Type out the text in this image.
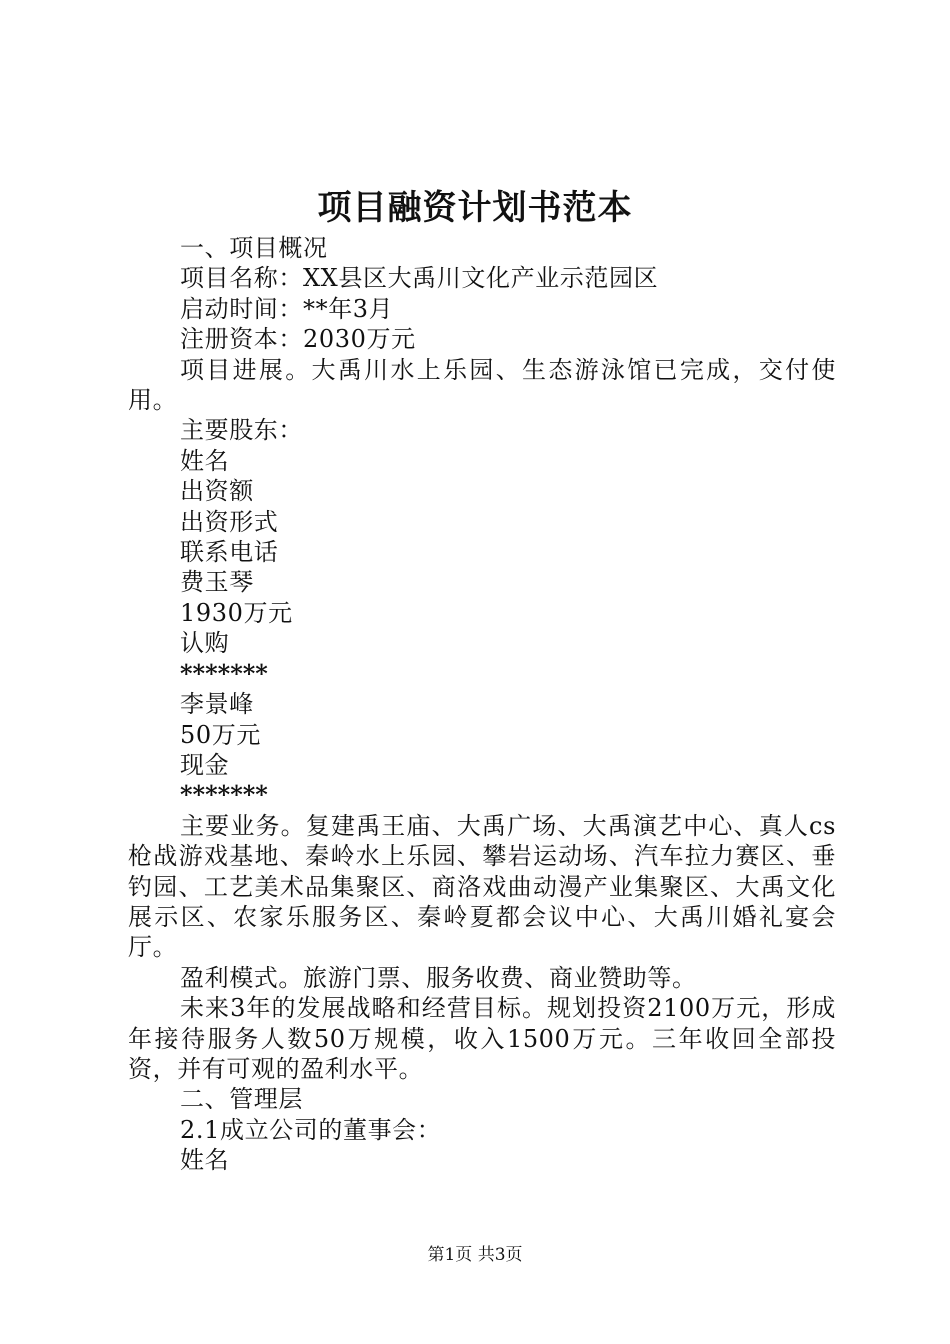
项目融资计划书范本

一、项目概况

项目名称：XX县区大禹川文化产业示范园区

启动时间：**年3月

注册资本：2030万元

项目进展。大禹川水上乐园、生态游泳馆已完成，交付使用。

主要股东：

姓名

出资额

出资形式

联系电话

费玉琴

1930万元

认购

*******

李景峰

50万元

现金

*******

主要业务。复建禹王庙、大禹广场、大禹演艺中心、真人cs枪战游戏基地、秦岭水上乐园、攀岩运动场、汽车拉力赛区、垂钓园、工艺美术品集聚区、商洛戏曲动漫产业集聚区、大禹文化展示区、农家乐服务区、秦岭夏都会议中心、大禹川婚礼宴会厅。

盈利模式。旅游门票、服务收费、商业赞助等。

未来3年的发展战略和经营目标。规划投资2100万元，形成年接待服务人数50万规模，收入1500万元。三年收回全部投资，并有可观的盈利水平。

二、管理层

2.1成立公司的董事会：

姓名

第1页 共3页
